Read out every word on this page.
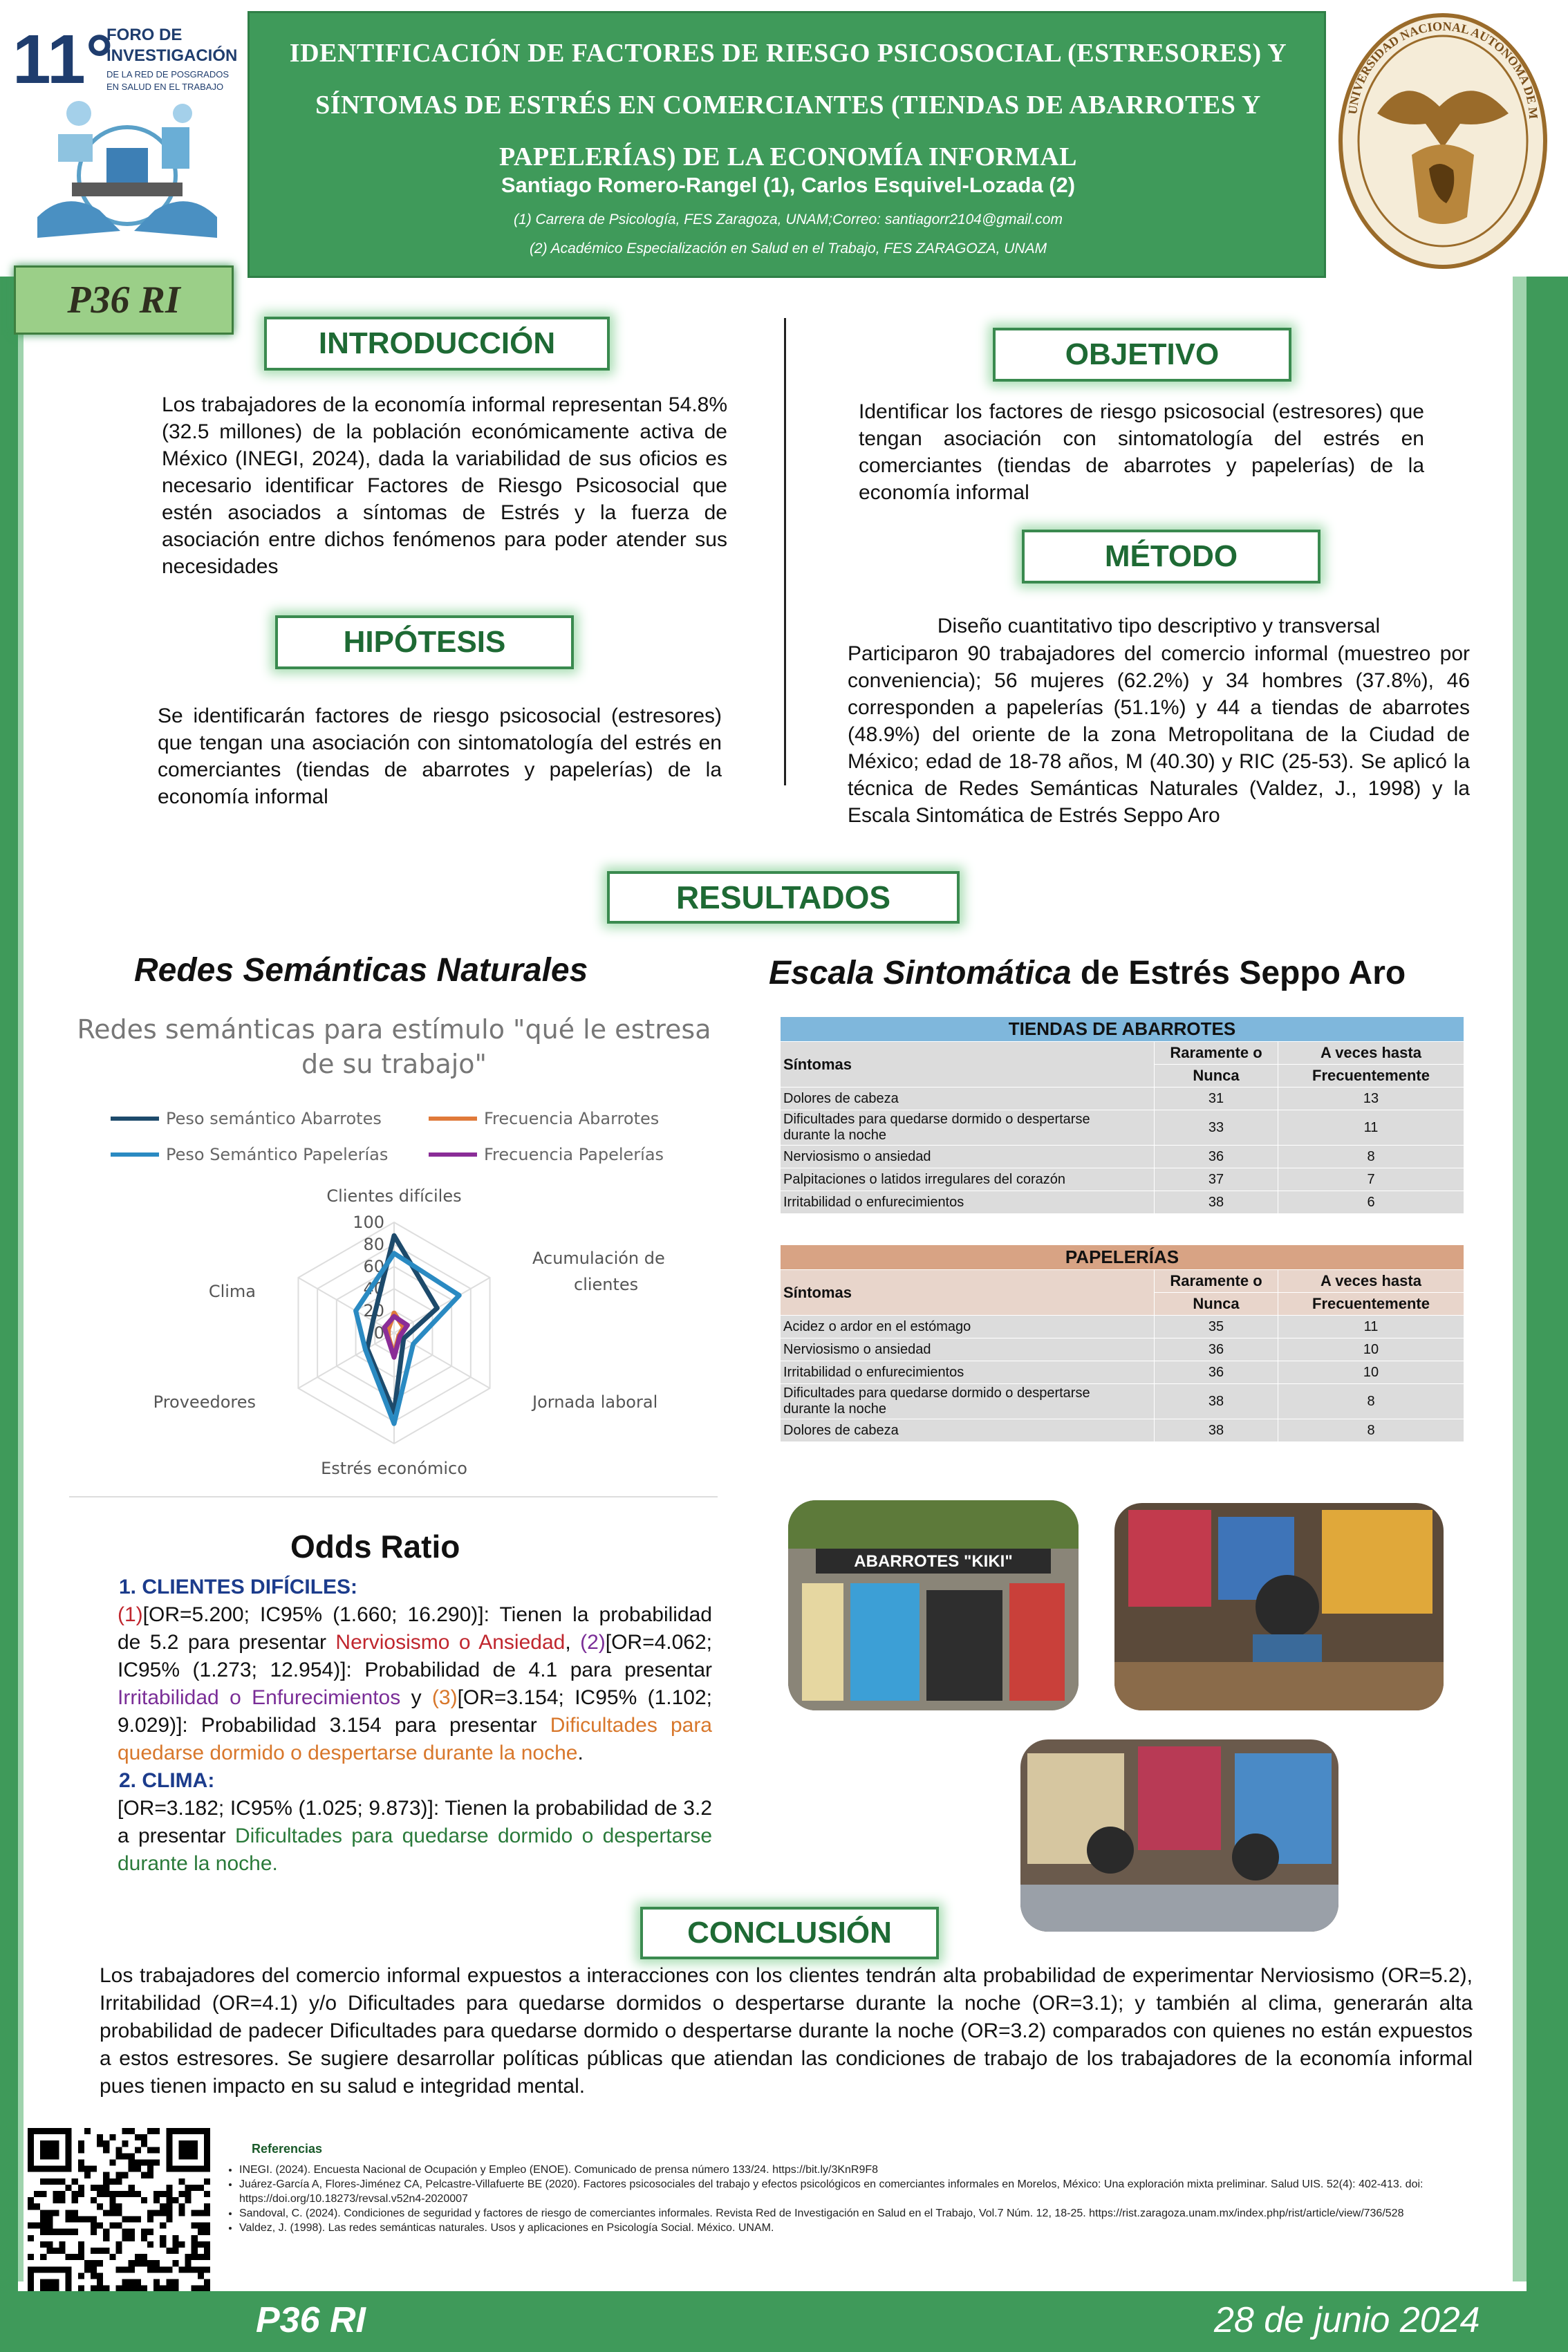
IDENTIFICACIÓN DE FACTORES DE RIESGO PSICOSOCIAL (ESTRESORES) Y
SÍNTOMAS DE ESTRÉS EN COMERCIANTES (TIENDAS DE ABARROTES Y
PAPELERÍAS) DE LA ECONOMÍA INFORMAL
Santiago Romero-Rangel (1), Carlos Esquivel-Lozada (2)
(1) Carrera de Psicología, FES Zaragoza, UNAM;Correo: santiagorr2104@gmail.com
(2) Académico Especialización en Salud en el Trabajo, FES ZARAGOZA, UNAM
11°
FORO DE
INVESTIGACIÓN
DE LA RED DE POSGRADOS
EN SALUD EN EL TRABAJO
UNIVERSIDAD NACIONAL AUTONOMA DE M
P36 RI
INTRODUCCIÓN
Los trabajadores de la economía informal representan 54.8% (32.5 millones) de la población económicamente activa de México (INEGI, 2024), dada la variabilidad de sus oficios es necesario identificar Factores de Riesgo Psicosocial que estén asociados a síntomas de Estrés y la fuerza de asociación entre dichos fenómenos para poder atender sus necesidades
HIPÓTESIS
Se identificarán factores de riesgo psicosocial (estresores) que tengan una asociación con sintomatología del estrés en comerciantes (tiendas de abarrotes y papelerías) de la economía informal
OBJETIVO
Identificar los factores de riesgo psicosocial (estresores) que tengan asociación con sintomatología del estrés en comerciantes (tiendas de abarrotes y papelerías) de la economía informal
MÉTODO
Diseño cuantitativo tipo descriptivo y transversal
Participaron 90 trabajadores del comercio informal (muestreo por conveniencia); 56 mujeres (62.2%) y 34 hombres (37.8%), 46 corresponden a papelerías (51.1%) y 44 a tiendas de abarrotes (48.9%) del oriente de la zona Metropolitana de la Ciudad de México; edad de 18-78 años, M (40.30) y RIC (25-53). Se aplicó la técnica de Redes Semánticas Naturales (Valdez, J., 1998) y la Escala Sintomática de Estrés Seppo Aro
RESULTADOS
Redes Semánticas Naturales	Escala Sintomática de Estrés Seppo Aro
Redes semánticas para estímulo "qué le estresa
de su trabajo"
Peso semántico Abarrotes	Frecuencia Abarrotes
Peso Semántico Papelerías	Frecuencia Papelerías
100
80
60
40
20
0
Clientes difíciles
Acumulación de
clientes
Jornada laboral
Estrés económico
Proveedores
Clima
TIENDAS DE ABARROTES		
Síntomas	Raramente o	A veces hasta
	Nunca	Frecuentemente
Dolores de cabeza	31	13
Dificultades para quedarse dormido o despertarse
durante la noche	33	11
Nerviosismo o ansiedad	36	8
Palpitaciones o latidos irregulares del corazón	37	7
Irritabilidad o enfurecimientos	38	6
PAPELERÍAS		
Síntomas	Raramente o	A veces hasta
	Nunca	Frecuentemente
Acidez o ardor en el estómago	35	11
Nerviosismo o ansiedad	36	10
Irritabilidad o enfurecimientos	36	10
Dificultades para quedarse dormido o despertarse
durante la noche	38	8
Dolores de cabeza	38	8
ABARROTES "KIKI"
Odds Ratio
1. CLIENTES DIFÍCILES:
(1)[OR=5.200; IC95% (1.660; 16.290)]: Tienen la probabilidad de 5.2 para presentar Nerviosismo o Ansiedad, (2)[OR=4.062; IC95% (1.273; 12.954)]: Probabilidad de 4.1 para presentar Irritabilidad o Enfurecimientos y (3)[OR=3.154; IC95% (1.102; 9.029)]: Probabilidad 3.154 para presentar Dificultades para quedarse dormido o despertarse durante la noche.
2. CLIMA:
[OR=3.182; IC95% (1.025; 9.873)]: Tienen la probabilidad de 3.2 a presentar Dificultades para quedarse dormido o despertarse durante la noche.
CONCLUSIÓN
Los trabajadores del comercio informal expuestos a interacciones con los clientes tendrán alta probabilidad de experimentar Nerviosismo (OR=5.2), Irritabilidad (OR=4.1) y/o Dificultades para quedarse dormidos o despertarse durante la noche (OR=3.1); y también al clima, generarán alta probabilidad de padecer Dificultades para quedarse dormido o despertarse durante la noche (OR=3.2) comparados con quienes no están expuestos a estos estresores. Se sugiere desarrollar políticas públicas que atiendan las condiciones de trabajo de los trabajadores de la economía informal pues tienen impacto en su salud e integridad mental.
Referencias
• INEGI. (2024). Encuesta Nacional de Ocupación y Empleo (ENOE). Comunicado de prensa número 133/24. https://bit.ly/3KnR9F8
• Juárez-García A, Flores-Jiménez CA, Pelcastre-Villafuerte BE (2020). Factores psicosociales del trabajo y efectos psicológicos en comerciantes informales en Morelos, México: Una exploración mixta preliminar. Salud UIS. 52(4): 402-413. doi: https://doi.org/10.18273/revsal.v52n4-2020007
• Sandoval, C. (2024). Condiciones de seguridad y factores de riesgo de comerciantes informales. Revista Red de Investigación en Salud en el Trabajo, Vol.7 Núm. 12, 18-25. https://rist.zaragoza.unam.mx/index.php/rist/article/view/736/528
• Valdez, J. (1998). Las redes semánticas naturales. Usos y aplicaciones en Psicología Social. México. UNAM.
P36 RI	28 de junio 2024
